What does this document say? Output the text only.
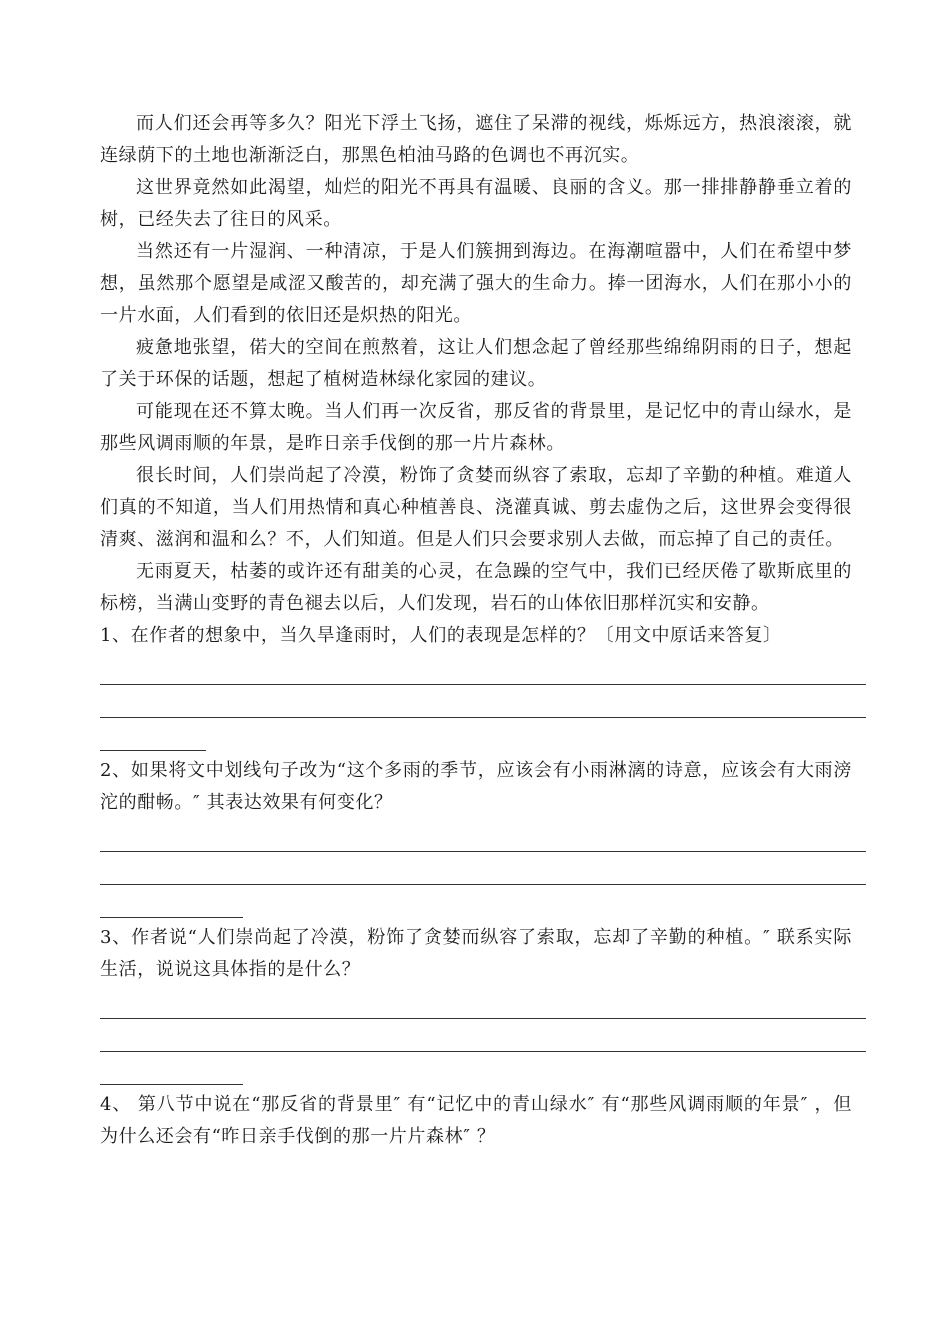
而人们还会再等多久？阳光下浮土飞扬，遮住了呆滞的视线，烁烁远方，热浪滚滚，就连绿荫下的土地也渐渐泛白，那黑色柏油马路的色调也不再沉实。

这世界竟然如此渴望，灿烂的阳光不再具有温暖、良丽的含义。那一排排静静垂立着的树，已经失去了往日的风采。

当然还有一片湿润、一种清凉，于是人们簇拥到海边。在海潮喧嚣中，人们在希望中梦想，虽然那个愿望是咸涩又酸苦的，却充满了强大的生命力。捧一团海水，人们在那小小的一片水面，人们看到的依旧还是炽热的阳光。

疲惫地张望，偌大的空间在煎熬着，这让人们想念起了曾经那些绵绵阴雨的日子，想起了关于环保的话题，想起了植树造林绿化家园的建议。

可能现在还不算太晚。当人们再一次反省，那反省的背景里，是记忆中的青山绿水，是那些风调雨顺的年景，是昨日亲手伐倒的那一片片森林。

很长时间，人们崇尚起了冷漠，粉饰了贪婪而纵容了索取，忘却了辛勤的种植。难道人们真的不知道，当人们用热情和真心种植善良、浇灌真诚、剪去虚伪之后，这世界会变得很清爽、滋润和温和么？不，人们知道。但是人们只会要求别人去做，而忘掉了自己的责任。

无雨夏天，枯萎的或许还有甜美的心灵，在急躁的空气中，我们已经厌倦了歇斯底里的标榜，当满山变野的青色褪去以后，人们发现，岩石的山体依旧那样沉实和安静。

1、在作者的想象中，当久旱逢雨时，人们的表现是怎样的？〔用文中原话来答复〕

2、如果将文中划线句子改为“这个多雨的季节，应该会有小雨淋漓的诗意，应该会有大雨滂沱的酣畅。″ 其表达效果有何变化？

3、作者说“人们崇尚起了冷漠，粉饰了贪婪而纵容了索取，忘却了辛勤的种植。″ 联系实际生活，说说这具体指的是什么？

4、 第八节中说在“那反省的背景里″ 有“记忆中的青山绿水″ 有“那些风调雨顺的年景″ ，但为什么还会有“昨日亲手伐倒的那一片片森林″ ？
